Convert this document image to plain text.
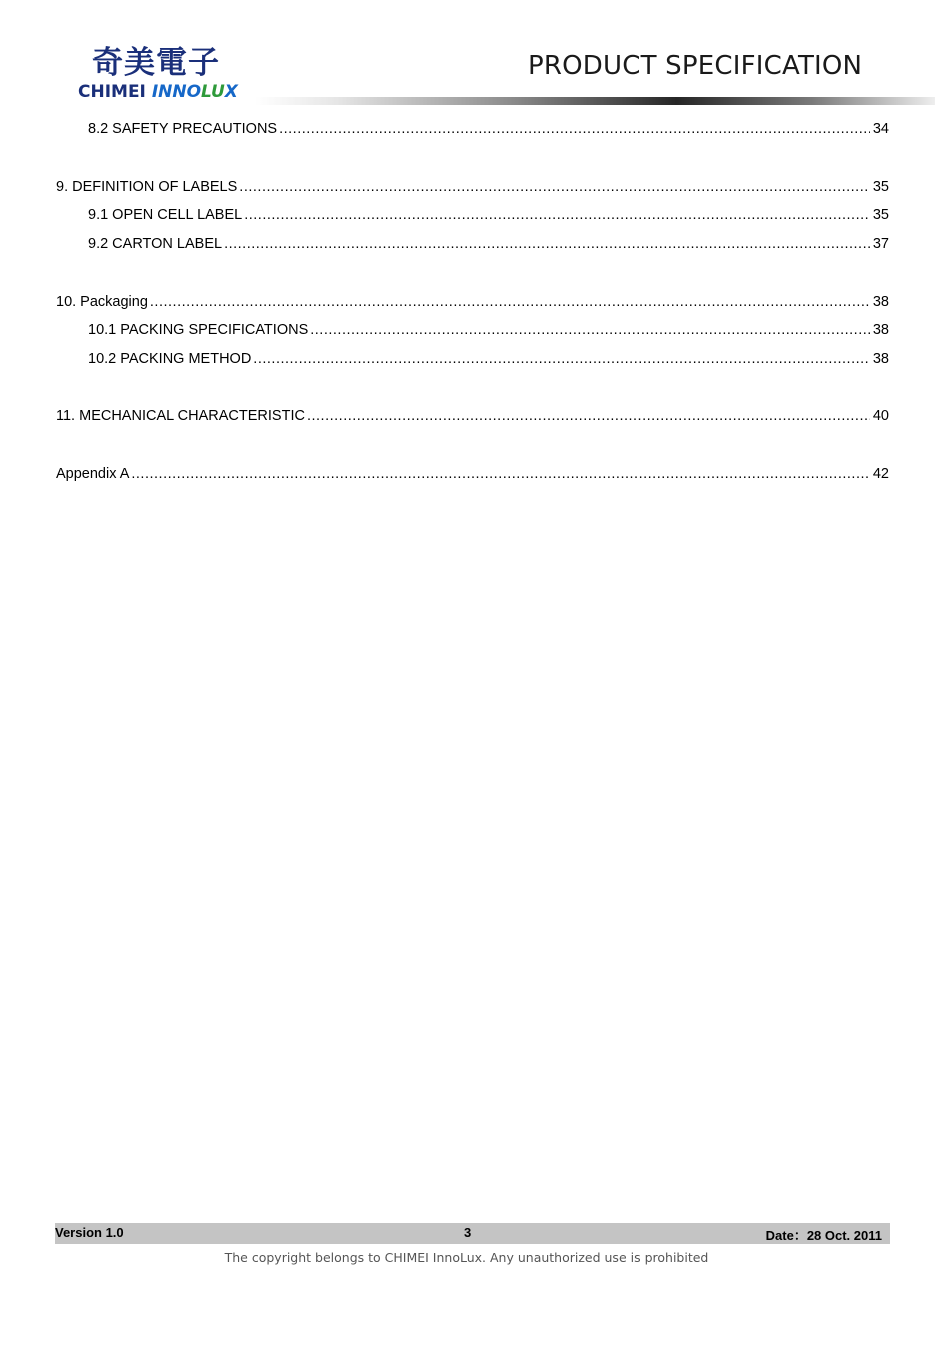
奇美電子
CHIMEI INNOLUX
PRODUCT SPECIFICATION
8.2 SAFETY PRECAUTIONS .....	34
9. DEFINITION OF LABELS .....	35
9.1 OPEN CELL LABEL .....	35
9.2 CARTON LABEL .....	37
10. Packaging .....	38
10.1 PACKING SPECIFICATIONS .....	38
10.2 PACKING METHOD .....	38
11. MECHANICAL CHARACTERISTIC .....	40
Appendix A .....	42
Version 1.0	3	Date：28 Oct. 2011
The copyright belongs to CHIMEI InnoLux. Any unauthorized use is prohibited
